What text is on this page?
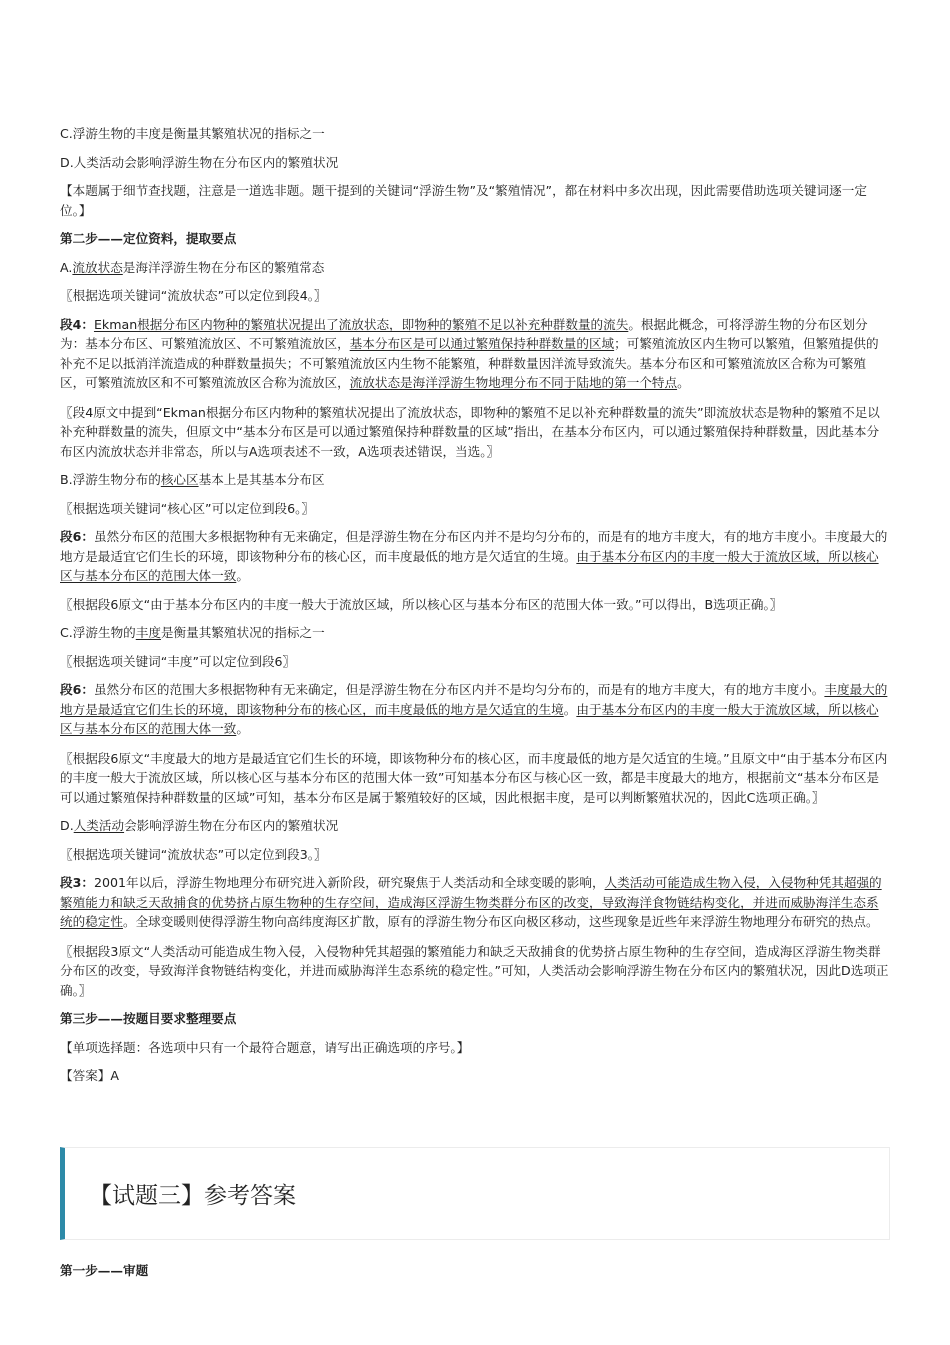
C.浮游生物的丰度是衡量其繁殖状况的指标之一

D.人类活动会影响浮游生物在分布区内的繁殖状况

【本题属于细节查找题，注意是一道选非题。题干提到的关键词“浮游生物”及“繁殖情况”，都在材料中多次出现，因此需要借助选项关键词逐一定位。】

第二步——定位资料，提取要点

A.流放状态是海洋浮游生物在分布区的繁殖常态

〖根据选项关键词“流放状态”可以定位到段4。〗

段4：Ekman根据分布区内物种的繁殖状况提出了流放状态，即物种的繁殖不足以补充种群数量的流失。根据此概念，可将浮游生物的分布区划分为：基本分布区、可繁殖流放区、不可繁殖流放区，基本分布区是可以通过繁殖保持种群数量的区域；可繁殖流放区内生物可以繁殖，但繁殖提供的补充不足以抵消洋流造成的种群数量损失；不可繁殖流放区内生物不能繁殖，种群数量因洋流导致流失。基本分布区和可繁殖流放区合称为可繁殖区，可繁殖流放区和不可繁殖流放区合称为流放区，流放状态是海洋浮游生物地理分布不同于陆地的第一个特点。

〖段4原文中提到“Ekman根据分布区内物种的繁殖状况提出了流放状态，即物种的繁殖不足以补充种群数量的流失”即流放状态是物种的繁殖不足以补充种群数量的流失，但原文中“基本分布区是可以通过繁殖保持种群数量的区域”指出，在基本分布区内，可以通过繁殖保持种群数量，因此基本分布区内流放状态并非常态，所以与A选项表述不一致，A选项表述错误，当选。〗

B.浮游生物分布的核心区基本上是其基本分布区

〖根据选项关键词“核心区”可以定位到段6。〗

段6：虽然分布区的范围大多根据物种有无来确定，但是浮游生物在分布区内并不是均匀分布的，而是有的地方丰度大，有的地方丰度小。丰度最大的地方是最适宜它们生长的环境，即该物种分布的核心区，而丰度最低的地方是欠适宜的生境。由于基本分布区内的丰度一般大于流放区域，所以核心区与基本分布区的范围大体一致。

〖根据段6原文“由于基本分布区内的丰度一般大于流放区域，所以核心区与基本分布区的范围大体一致。”可以得出，B选项正确。〗

C.浮游生物的丰度是衡量其繁殖状况的指标之一

〖根据选项关键词“丰度”可以定位到段6〗

段6：虽然分布区的范围大多根据物种有无来确定，但是浮游生物在分布区内并不是均匀分布的，而是有的地方丰度大，有的地方丰度小。丰度最大的地方是最适宜它们生长的环境，即该物种分布的核心区，而丰度最低的地方是欠适宜的生境。由于基本分布区内的丰度一般大于流放区域，所以核心区与基本分布区的范围大体一致。

〖根据段6原文“丰度最大的地方是最适宜它们生长的环境，即该物种分布的核心区，而丰度最低的地方是欠适宜的生境。”且原文中“由于基本分布区内的丰度一般大于流放区域，所以核心区与基本分布区的范围大体一致”可知基本分布区与核心区一致，都是丰度最大的地方，根据前文“基本分布区是可以通过繁殖保持种群数量的区域”可知，基本分布区是属于繁殖较好的区域，因此根据丰度，是可以判断繁殖状况的，因此C选项正确。〗

D.人类活动会影响浮游生物在分布区内的繁殖状况

〖根据选项关键词“流放状态”可以定位到段3。〗

段3：2001年以后，浮游生物地理分布研究进入新阶段，研究聚焦于人类活动和全球变暖的影响，人类活动可能造成生物入侵，入侵物种凭其超强的繁殖能力和缺乏天敌捕食的优势挤占原生物种的生存空间，造成海区浮游生物类群分布区的改变，导致海洋食物链结构变化，并进而威胁海洋生态系统的稳定性。全球变暖则使得浮游生物向高纬度海区扩散，原有的浮游生物分布区向极区移动，这些现象是近些年来浮游生物地理分布研究的热点。

〖根据段3原文“人类活动可能造成生物入侵，入侵物种凭其超强的繁殖能力和缺乏天敌捕食的优势挤占原生物种的生存空间，造成海区浮游生物类群分布区的改变，导致海洋食物链结构变化，并进而威胁海洋生态系统的稳定性。”可知，人类活动会影响浮游生物在分布区内的繁殖状况，因此D选项正确。〗

第三步——按题目要求整理要点

【单项选择题：各选项中只有一个最符合题意，请写出正确选项的序号。】

【答案】A

【试题三】参考答案

第一步——审题
